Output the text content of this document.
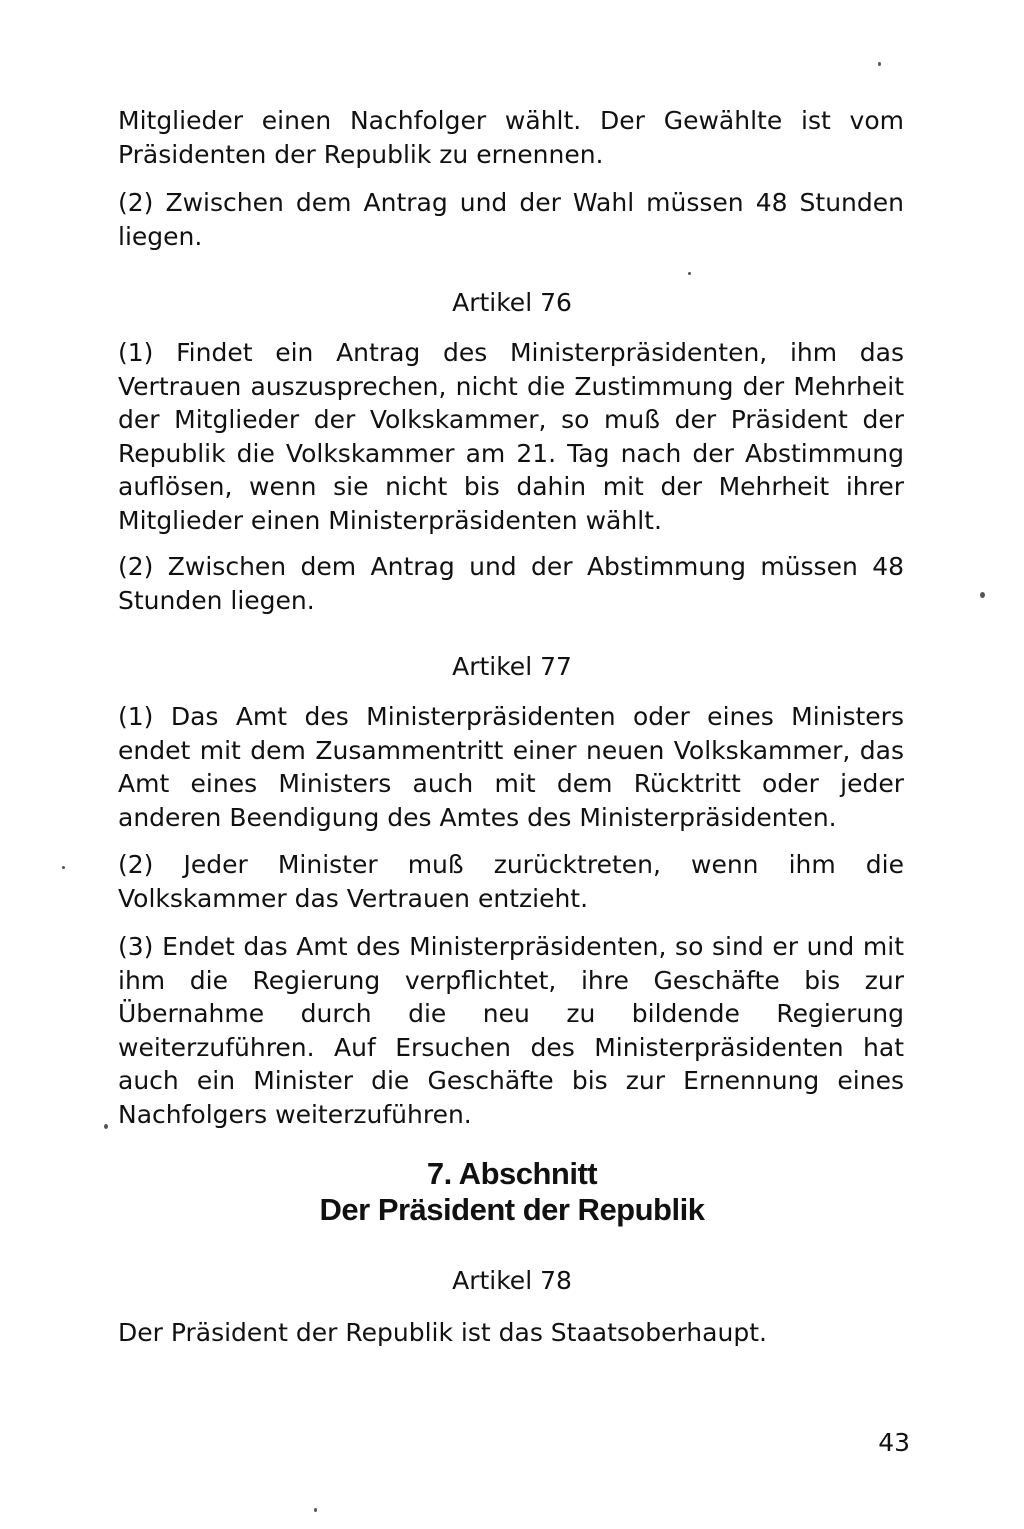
Mitglieder einen Nachfolger wählt. Der Gewählte ist vom Präsidenten der Republik zu ernennen.

(2) Zwischen dem Antrag und der Wahl müssen 48 Stunden liegen.

Artikel 76

(1) Findet ein Antrag des Ministerpräsidenten, ihm das Vertrauen auszusprechen, nicht die Zustimmung der Mehrheit der Mitglieder der Volkskammer, so muß der Präsident der Republik die Volkskammer am 21. Tag nach der Abstimmung auflösen, wenn sie nicht bis dahin mit der Mehrheit ihrer Mitglieder einen Ministerpräsidenten wählt.

(2) Zwischen dem Antrag und der Abstimmung müssen 48 Stunden liegen.

Artikel 77

(1) Das Amt des Ministerpräsidenten oder eines Ministers endet mit dem Zusammentritt einer neuen Volkskammer, das Amt eines Ministers auch mit dem Rücktritt oder jeder anderen Beendigung des Amtes des Ministerpräsidenten.

(2) Jeder Minister muß zurücktreten, wenn ihm die Volkskammer das Vertrauen entzieht.

(3) Endet das Amt des Ministerpräsidenten, so sind er und mit ihm die Regierung verpflichtet, ihre Geschäfte bis zur Übernahme durch die neu zu bildende Regierung weiterzuführen. Auf Ersuchen des Ministerpräsidenten hat auch ein Minister die Geschäfte bis zur Ernennung eines Nachfolgers weiterzuführen.

7. Abschnitt
Der Präsident der Republik

Artikel 78

Der Präsident der Republik ist das Staatsoberhaupt.

43
